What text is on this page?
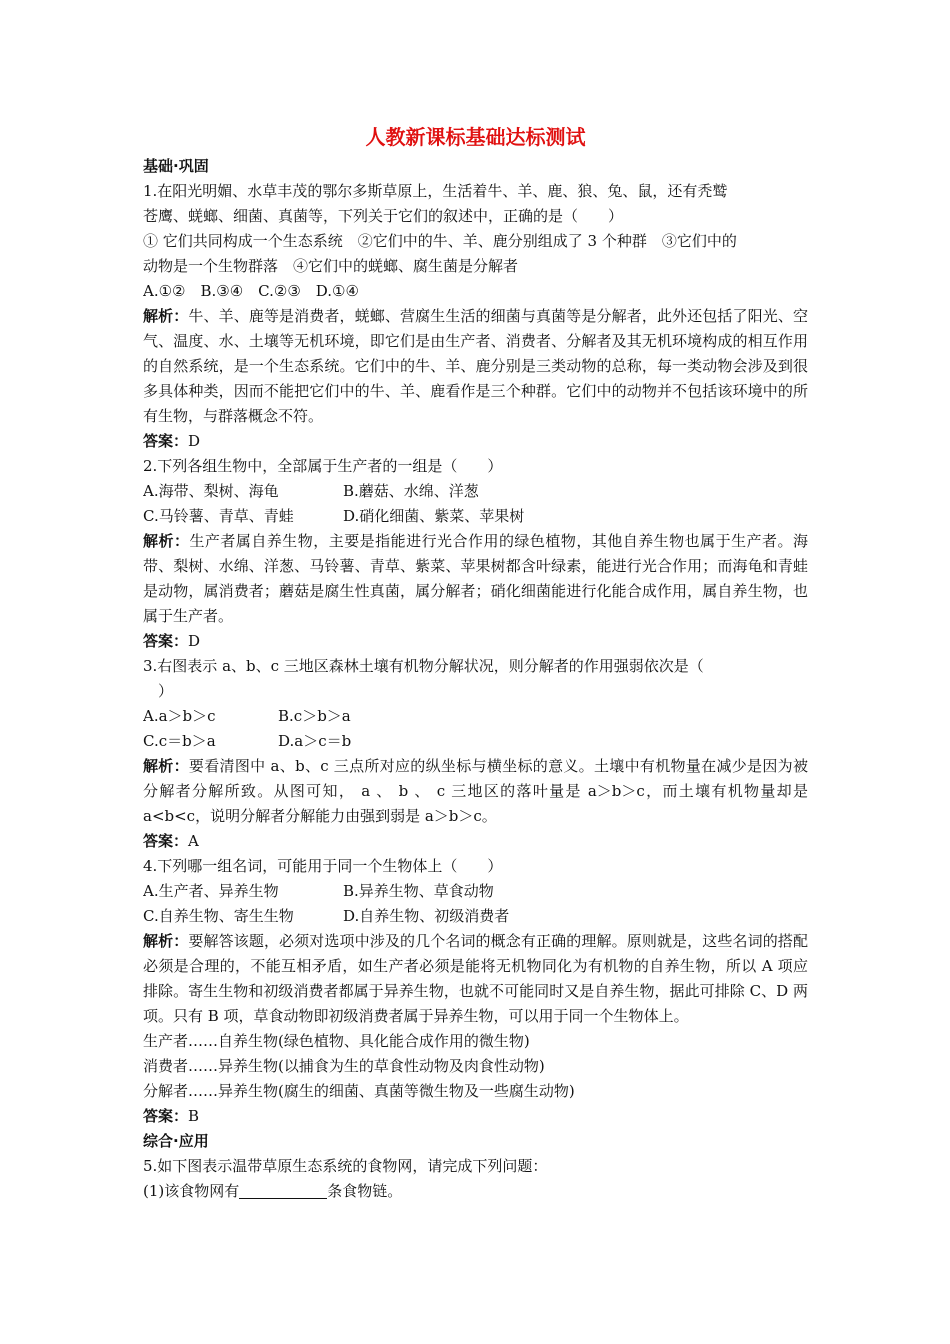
人教新课标基础达标测试
基础·巩固
1.在阳光明媚、水草丰茂的鄂尔多斯草原上，生活着牛、羊、鹿、狼、兔、鼠，还有秃鹫
苍鹰、蜣螂、细菌、真菌等，下列关于它们的叙述中，正确的是（　　）
① 它们共同构成一个生态系统　②它们中的牛、羊、鹿分别组成了 3 个种群　③它们中的
动物是一个生物群落　④它们中的蜣螂、腐生菌是分解者
A.①②　B.③④　C.②③　D.①④
解析：牛、羊、鹿等是消费者，蜣螂、营腐生生活的细菌与真菌等是分解者，此外还包括了阳光、空气、温度、水、土壤等无机环境，即它们是由生产者、消费者、分解者及其无机环境构成的相互作用的自然系统，是一个生态系统。它们中的牛、羊、鹿分别是三类动物的总称，每一类动物会涉及到很多具体种类，因而不能把它们中的牛、羊、鹿看作是三个种群。它们中的动物并不包括该环境中的所有生物，与群落概念不符。
答案：D
2.下列各组生物中，全部属于生产者的一组是（　　）
A.海带、梨树、海龟	B.蘑菇、水绵、洋葱
C.马铃薯、青草、青蛙	D.硝化细菌、紫菜、苹果树
解析：生产者属自养生物，主要是指能进行光合作用的绿色植物，其他自养生物也属于生产者。海带、梨树、水绵、洋葱、马铃薯、青草、紫菜、苹果树都含叶绿素，能进行光合作用；而海龟和青蛙是动物，属消费者；蘑菇是腐生性真菌，属分解者；硝化细菌能进行化能合成作用，属自养生物，也属于生产者。
答案：D
3.右图表示 a、b、c 三地区森林土壤有机物分解状况，则分解者的作用强弱依次是（
　）
A.a＞b＞c	B.c＞b＞a
C.c＝b＞a	D.a＞c＝b
解析：要看清图中 a、b、c 三点所对应的纵坐标与横坐标的意义。土壤中有机物量在减少是因为被分解者分解所致。从图可知， a 、 b 、 c 三地区的落叶量是 a＞b＞c，而土壤有机物量却是 a<b<c，说明分解者分解能力由强到弱是 a＞b＞c。
答案：A
4.下列哪一组名词，可能用于同一个生物体上（　　）
A.生产者、异养生物	B.异养生物、草食动物
C.自养生物、寄生生物	D.自养生物、初级消费者
解析：要解答该题，必须对选项中涉及的几个名词的概念有正确的理解。原则就是，这些名词的搭配必须是合理的，不能互相矛盾，如生产者必须是能将无机物同化为有机物的自养生物，所以 A 项应排除。寄生生物和初级消费者都属于异养生物，也就不可能同时又是自养生物，据此可排除 C、D 两项。只有 B 项，草食动物即初级消费者属于异养生物，可以用于同一个生物体上。
生产者……自养生物(绿色植物、具化能合成作用的微生物)
消费者……异养生物(以捕食为生的草食性动物及肉食性动物)
分解者……异养生物(腐生的细菌、真菌等微生物及一些腐生动物)
答案：B
综合·应用
5.如下图表示温带草原生态系统的食物网，请完成下列问题：
(1)该食物网有	条食物链。
